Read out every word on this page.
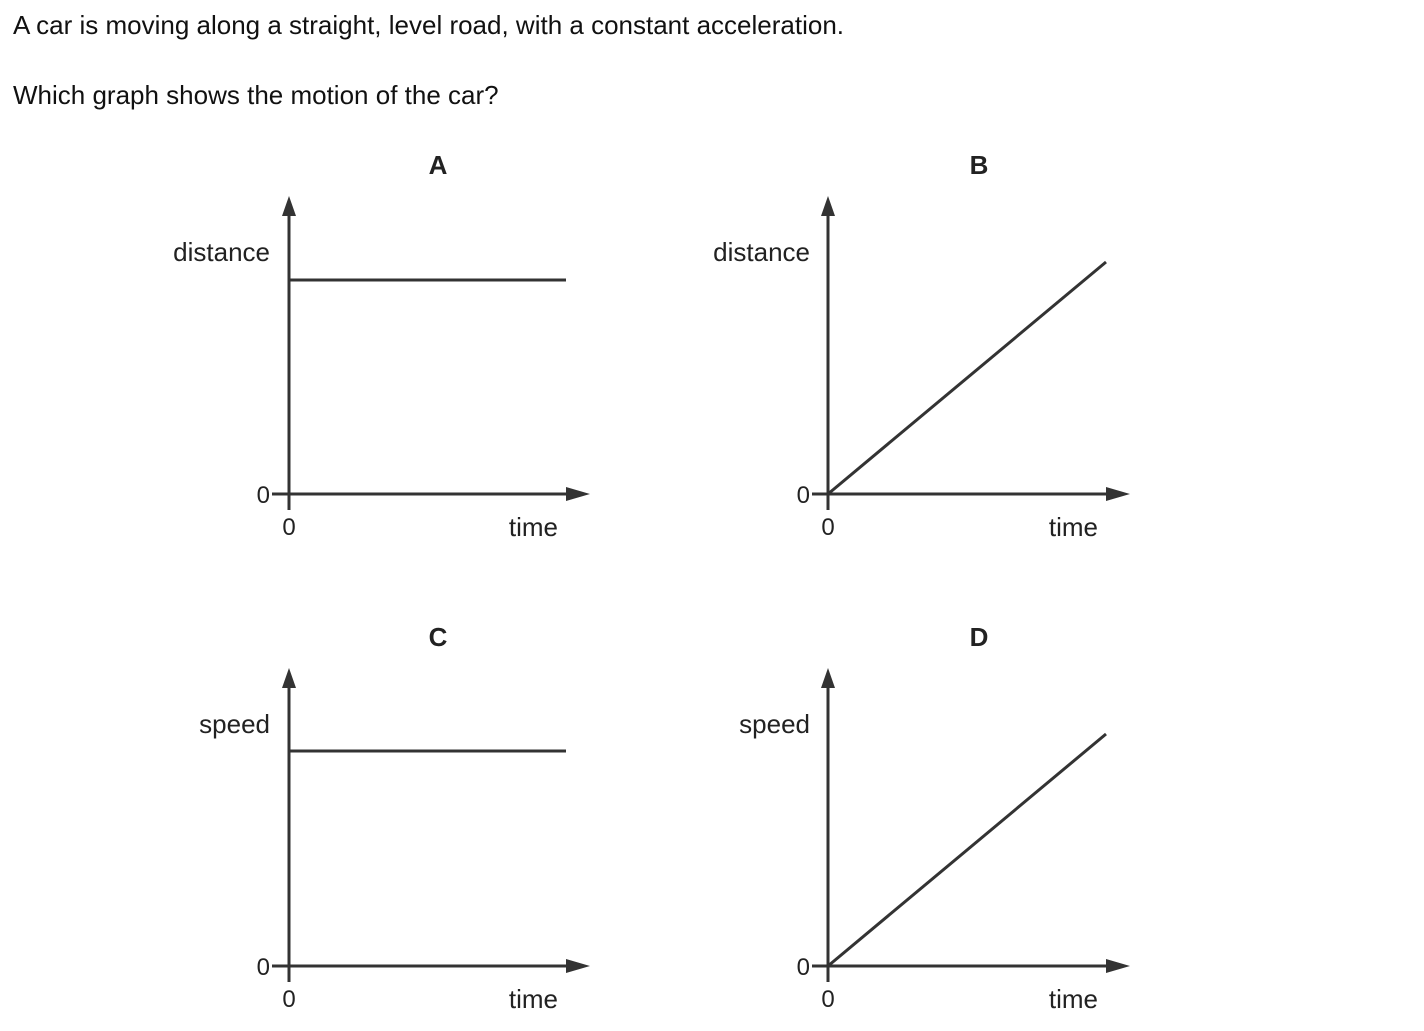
A car is moving along a straight, level road, with a constant acceleration.

Which graph shows the motion of the car?

A
distance
0
0	time
B
distance
0
0	time
C
speed
0
0	time
D
speed
0
0	time
